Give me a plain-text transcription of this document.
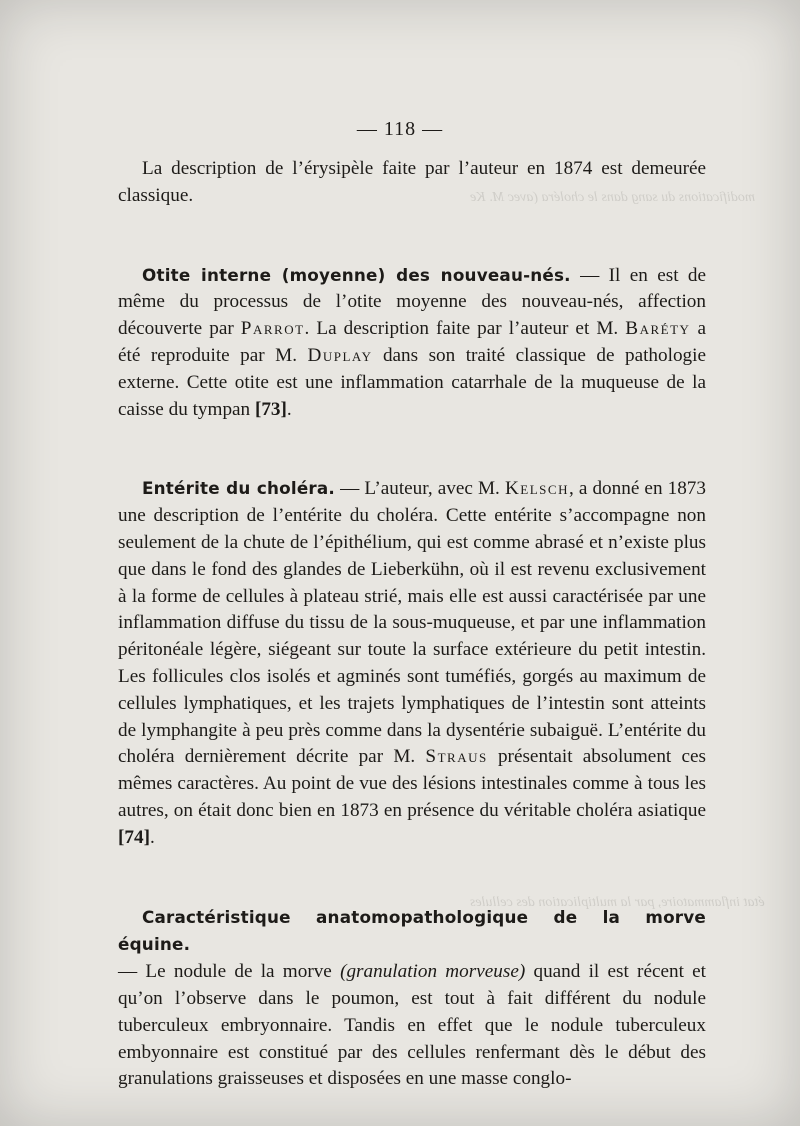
modifications du sang dans le choléra (avec M. Ke
état inflammatoire, par la multiplication des cellules
— 118 —

La description de l’érysipèle faite par l’auteur en 1874 est demeurée classique.

Otite interne (moyenne) des nouveau-nés. — Il en est de même du processus de l’otite moyenne des nouveau-nés, affection découverte par Parrot. La description faite par l’auteur et M. Baréty a été reproduite par M. Duplay dans son traité classique de pathologie externe. Cette otite est une inflammation catarrhale de la muqueuse de la caisse du tympan [73].

Entérite du choléra. — L’auteur, avec M. Kelsch, a donné en 1873 une description de l’entérite du choléra. Cette entérite s’accompagne non seulement de la chute de l’épithélium, qui est comme abrasé et n’existe plus que dans le fond des glandes de Lieberkühn, où il est revenu exclusivement à la forme de cellules à plateau strié, mais elle est aussi caractérisée par une inflammation diffuse du tissu de la sous-muqueuse, et par une inflammation péritonéale légère, siégeant sur toute la surface extérieure du petit intestin. Les follicules clos isolés et agminés sont tuméfiés, gorgés au maximum de cellules lymphatiques, et les trajets lymphatiques de l’intestin sont atteints de lymphangite à peu près comme dans la dysentérie subaiguë. L’entérite du choléra dernièrement décrite par M. Straus présentait absolument ces mêmes caractères. Au point de vue des lésions intestinales comme à tous les autres, on était donc bien en 1873 en présence du véritable choléra asiatique [74].

Caractéristique anatomopathologique de la morve équine.

— Le nodule de la morve (granulation morveuse) quand il est récent et qu’on l’observe dans le poumon, est tout à fait différent du nodule tuberculeux embryonnaire. Tandis en effet que le nodule tuberculeux embyonnaire est constitué par des cellules renfermant dès le début des granulations graisseuses et disposées en une masse conglo-
